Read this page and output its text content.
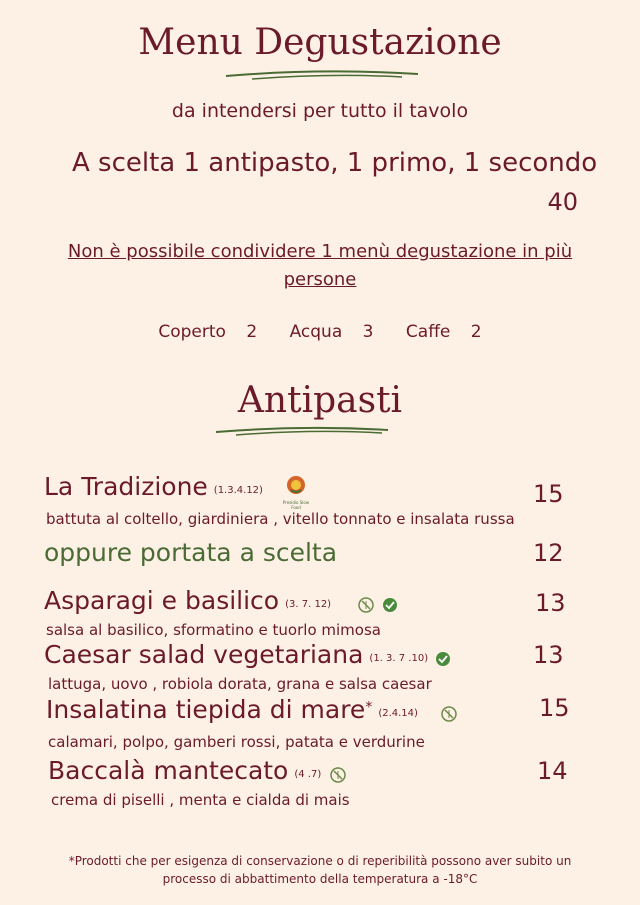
Menu Degustazione
da intendersi per tutto il tavolo
A scelta 1 antipasto, 1 primo, 1 secondo
40
Non è possibile condividere 1 menù degustazione in più
persone
Coperto 2 Acqua 3 Caffe 2
Antipasti
La Tradizione (1.3.4.12)
Presidio Slow Food
battuta al coltello, giardiniera , vitello tonnato e insalata russa
15
oppure portata a scelta	12
Asparagi e basilico (3. 7. 12)
salsa al basilico, sformatino e tuorlo mimosa
13
Caesar salad vegetariana (1. 3. 7 .10)
lattuga, uovo , robiola dorata, grana e salsa caesar
13
Insalatina tiepida di mare* (2.4.14)
calamari, polpo, gamberi rossi, patata e verdurine
15
Baccalà mantecato (4 .7)
crema di piselli , menta e cialda di mais
14
*Prodotti che per esigenza di conservazione o di reperibilità possono aver subito un
processo di abbattimento della temperatura a -18°C
